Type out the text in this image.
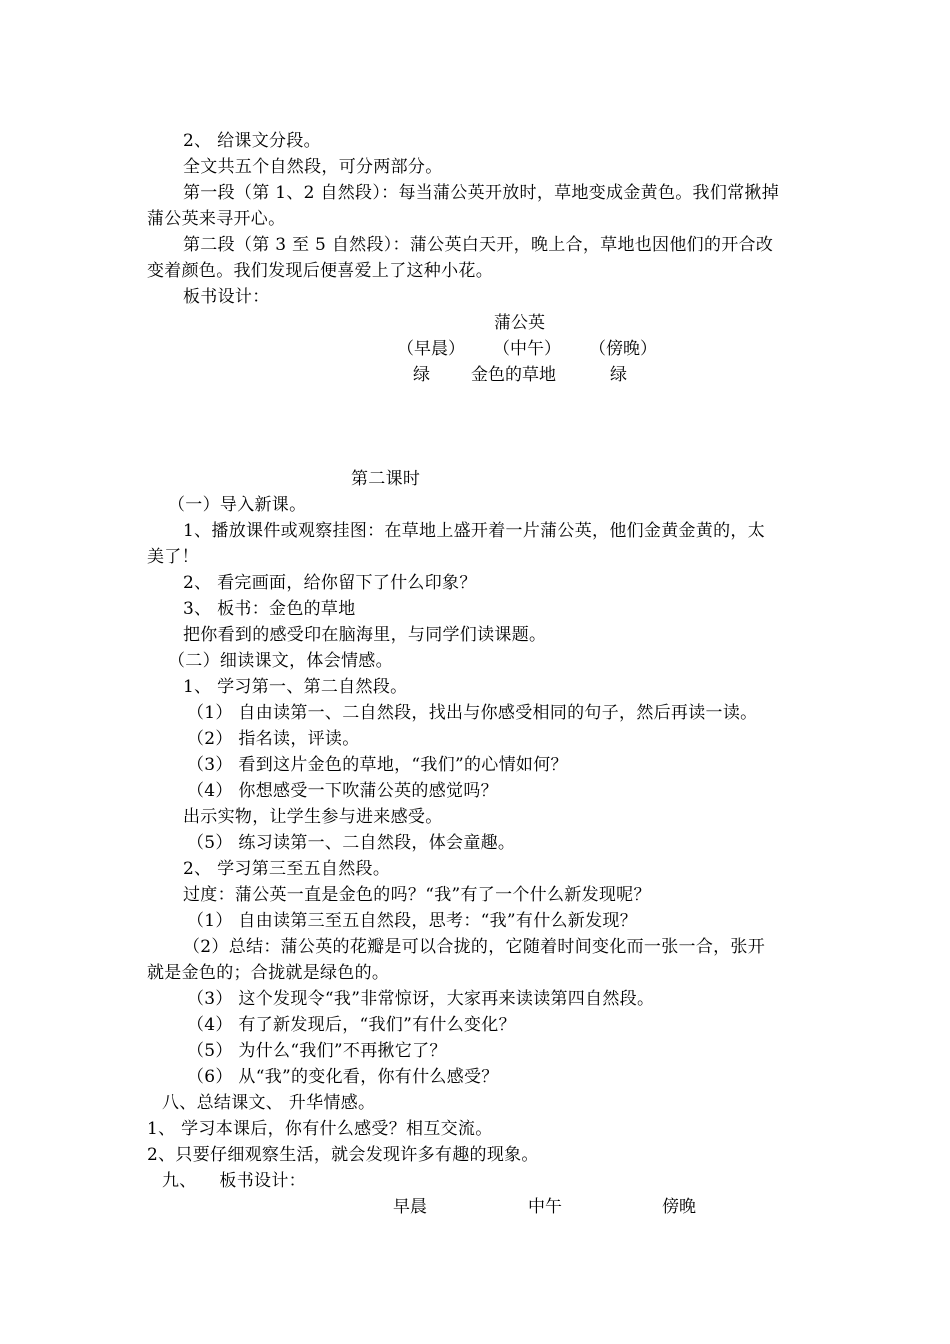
2、 给课文分段。
全文共五个自然段，可分两部分。
第一段（第 1、2 自然段）：每当蒲公英开放时，草地变成金黄色。我们常揪掉
蒲公英来寻开心。
第二段（第 3 至 5 自然段）：蒲公英白天开，晚上合，草地也因他们的开合改
变着颜色。我们发现后便喜爱上了这种小花。
板书设计：
蒲公英
（早晨） （中午） （傍晚）
绿 金色的草地	绿
第二课时
（一）导入新课。
1、播放课件或观察挂图：在草地上盛开着一片蒲公英，他们金黄金黄的，太
美了！
2、 看完画面，给你留下了什么印象？
3、 板书：金色的草地
把你看到的感受印在脑海里，与同学们读课题。
（二）细读课文，体会情感。
1、 学习第一、第二自然段。
（1） 自由读第一、二自然段，找出与你感受相同的句子，然后再读一读。
（2） 指名读，评读。
（3） 看到这片金色的草地，“我们”的心情如何？
（4） 你想感受一下吹蒲公英的感觉吗？
出示实物，让学生参与进来感受。
（5） 练习读第一、二自然段，体会童趣。
2、 学习第三至五自然段。
过度：蒲公英一直是金色的吗？“我”有了一个什么新发现呢？
（1） 自由读第三至五自然段，思考：“我”有什么新发现？
（2）总结：蒲公英的花瓣是可以合拢的，它随着时间变化而一张一合，张开
就是金色的；合拢就是绿色的。
（3） 这个发现令“我”非常惊讶，大家再来读读第四自然段。
（4） 有了新发现后，“我们”有什么变化？
（5） 为什么“我们”不再揪它了？
（6） 从“我”的变化看，你有什么感受？
八、总结课文、 升华情感。
1、 学习本课后，你有什么感受？相互交流。
2、只要仔细观察生活，就会发现许多有趣的现象。
九、    板书设计：
早晨	中午	傍晚
